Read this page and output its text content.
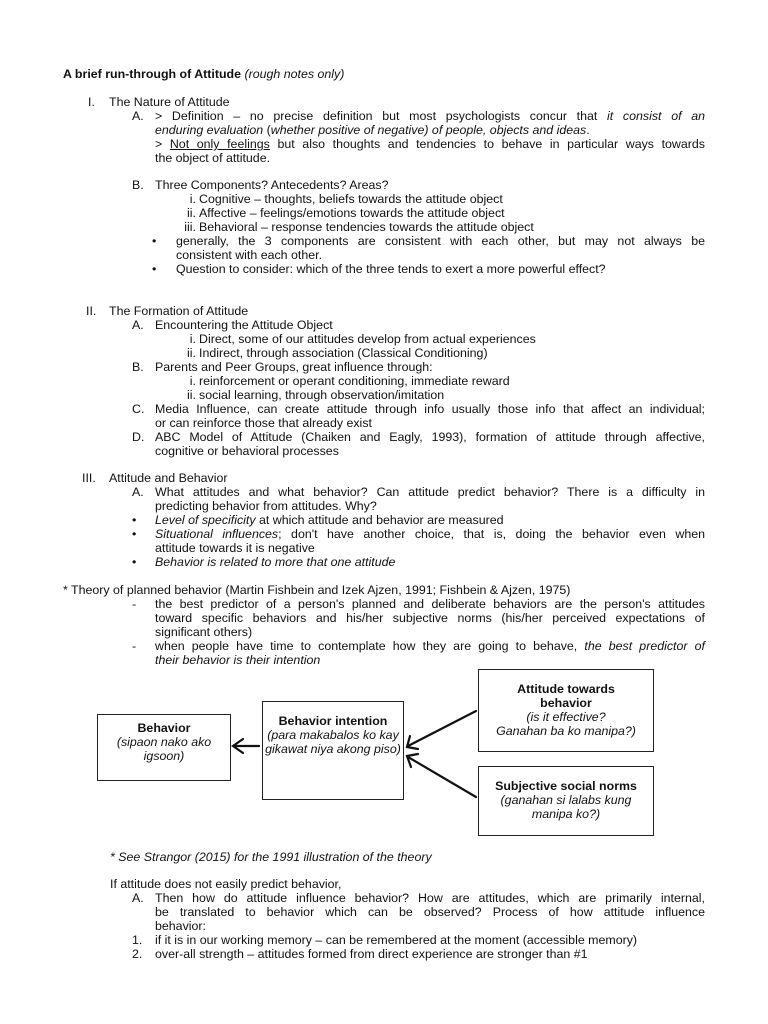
A brief run-through of Attitude (rough notes only)
I. The Nature of Attitude
A. > Definition – no precise definition but most psychologists concur that it consist of an
enduring evaluation (whether positive of negative) of people, objects and ideas.
> Not only feelings but also thoughts and tendencies to behave in particular ways towards
the object of attitude.
B. Three Components? Antecedents? Areas?
i. Cognitive – thoughts, beliefs towards the attitude object
ii. Affective – feelings/emotions towards the attitude object
iii. Behavioral – response tendencies towards the attitude object
• generally, the 3 components are consistent with each other, but may not always be
consistent with each other.
• Question to consider: which of the three tends to exert a more powerful effect?
II. The Formation of Attitude
A. Encountering the Attitude Object
i. Direct, some of our attitudes develop from actual experiences
ii. Indirect, through association (Classical Conditioning)
B. Parents and Peer Groups, great influence through:
i. reinforcement or operant conditioning, immediate reward
ii. social learning, through observation/imitation
C. Media Influence, can create attitude through info usually those info that affect an individual;
or can reinforce those that already exist
D. ABC Model of Attitude (Chaiken and Eagly, 1993), formation of attitude through affective,
cognitive or behavioral processes
III. Attitude and Behavior
A. What attitudes and what behavior? Can attitude predict behavior? There is a difficulty in
predicting behavior from attitudes. Why?
• Level of specificity at which attitude and behavior are measured
• Situational influences; don't have another choice, that is, doing the behavior even when
attitude towards it is negative
• Behavior is related to more that one attitude
* Theory of planned behavior (Martin Fishbein and Izek Ajzen, 1991; Fishbein & Ajzen, 1975)
- the best predictor of a person's planned and deliberate behaviors are the person's attitudes
toward specific behaviors and his/her subjective norms (his/her perceived expectations of
significant others)
- when people have time to contemplate how they are going to behave, the best predictor of
their behavior is their intention
Behavior
(sipaon nako ako
igsoon)
Behavior intention
(para makabalos ko kay
gikawat niya akong piso)
Attitude towards
behavior
(is it effective?
Ganahan ba ko manipa?)
Subjective social norms
(ganahan si lalabs kung
manipa ko?)
* See Strangor (2015) for the 1991 illustration of the theory
If attitude does not easily predict behavior,
A. Then how do attitude influence behavior? How are attitudes, which are primarily internal,
be translated to behavior which can be observed? Process of how attitude influence
behavior:
1. if it is in our working memory – can be remembered at the moment (accessible memory)
2. over-all strength – attitudes formed from direct experience are stronger than #1
